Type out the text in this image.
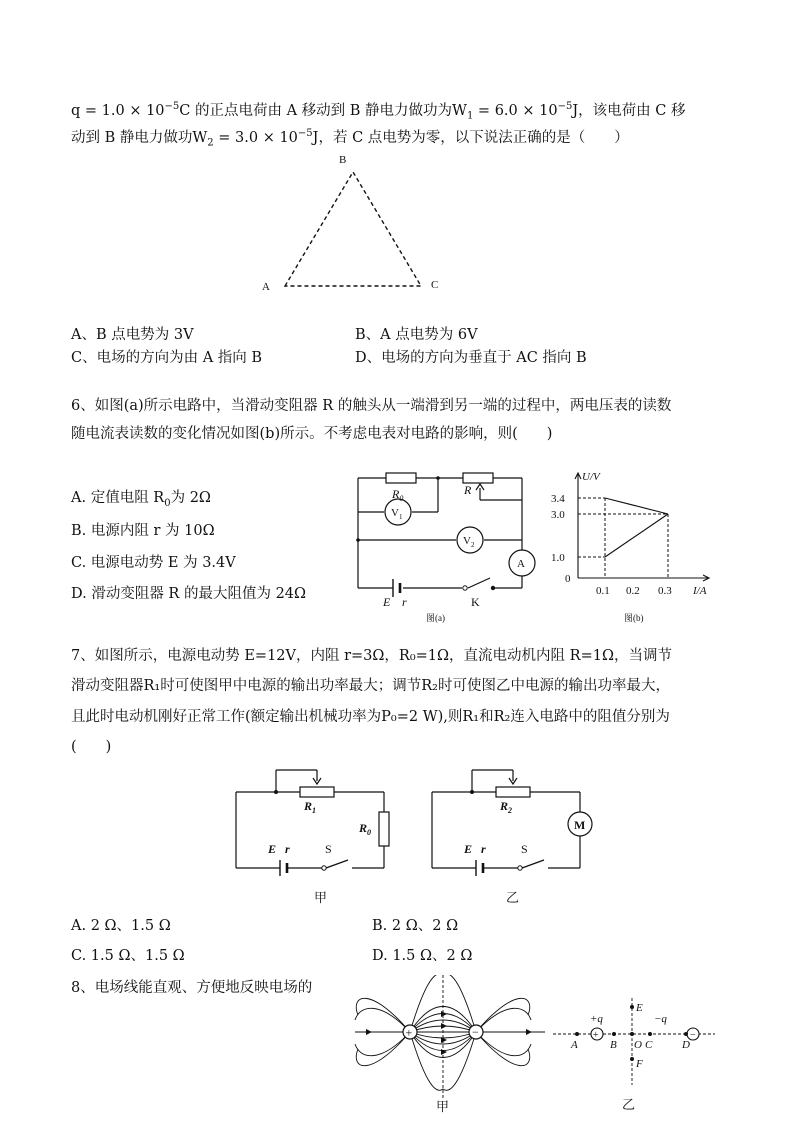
$q = 1.0 \times 10^{-5}C$ 的正点电荷由 A 移动到 B 静电力做功为$W_1 = 6.0 \times 10^{-5}J$，该电荷由 C 移
动到 B 静电力做功$W_2 = 3.0 \times 10^{-5}J$，若 C 点电势为零，以下说法正确的是（　　）
B
A	C
A、B 点电势为 3V	B、A 点电势为 6V
C、电场的方向为由 A 指向 B	D、电场的方向为垂直于 AC 指向 B
6、如图(a)所示电路中，当滑动变阻器 R 的触头从一端滑到另一端的过程中，两电压表的读数
随电流表读数的变化情况如图(b)所示。不考虑电表对电路的影响，则(　　)
A. 定值电阻 $R_0$为 2Ω
B. 电源内阻 r 为 10Ω
C. 电源电动势 E 为 3.4V
D. 滑动变阻器 R 的最大阻值为 24Ω
$R_0$
R
$V_1$
$V_2$
A
E r	K
图(a)
U/V
I/A
3.4
3.0
1.0
0
0.1 0.2 0.3
图(b)
7、如图所示，电源电动势 E=12V，内阻 r=3Ω，R₀=1Ω，直流电动机内阻 R=1Ω，当调节
滑动变阻器R₁时可使图甲中电源的输出功率最大；调节R₂时可使图乙中电源的输出功率最大，
且此时电动机刚好正常工作(额定输出机械功率为P₀=2 W),则R₁和R₂连入电路中的阻值分别为
(　　)
$R_1$
$R_0$
E r	S
甲
$R_2$
M
E r	S
乙
A. 2 Ω、1.5 Ω	B. 2 Ω、2 Ω
C. 1.5 Ω、1.5 Ω	D. 1.5 Ω、2 Ω
8、电场线能直观、方便地反映电场的
+	−
甲
+	−
+q	−q
A	B O C	D
E
F
乙
